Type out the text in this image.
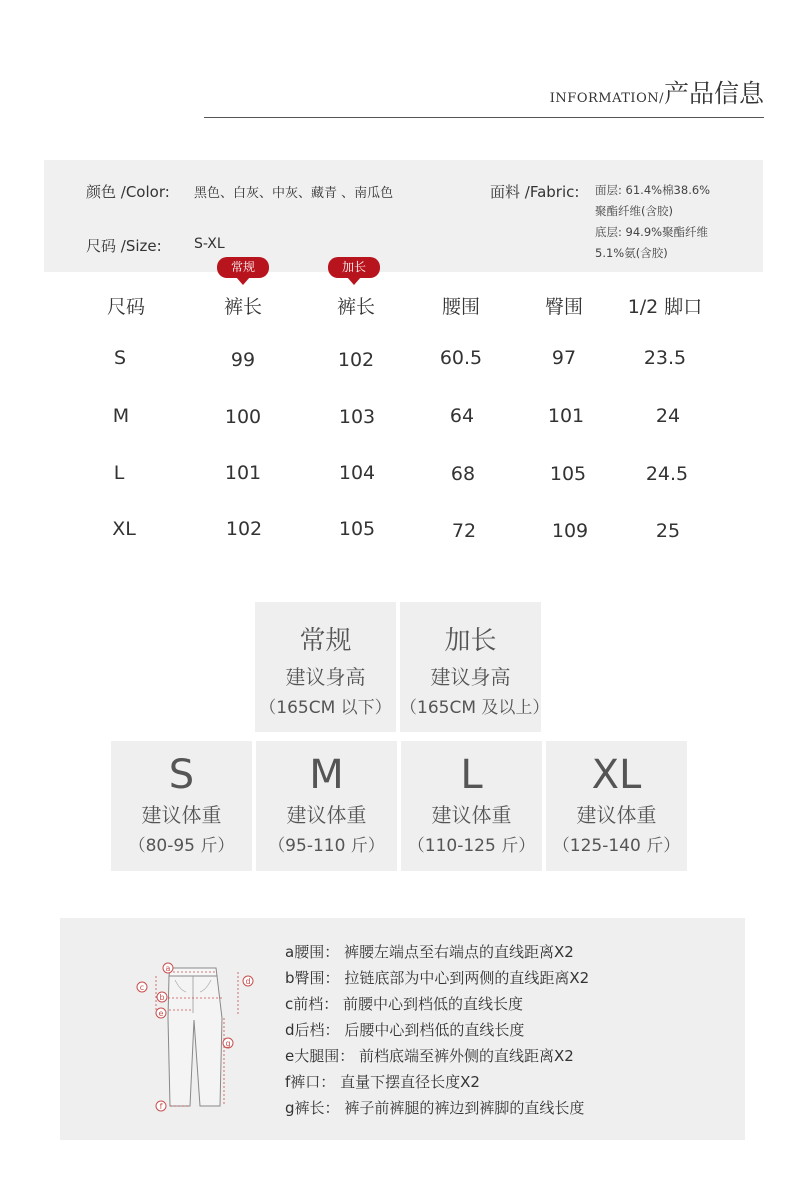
INFORMATION/产品信息
颜色 /Color: 黑色、白灰、中灰、藏青 、南瓜色
尺码 /Size: S-XL
面料 /Fabric: 面层: 61.4%棉38.6%
聚酯纤维(含胶)
底层: 94.9%聚酯纤维
5.1%氨(含胶)
常规	加长
尺码	裤长	裤长	腰围	臀围	1/2 脚口
S	99	102	60.5	97	23.5
M	100	103	64	101	24
L	101	104	68	105	24.5
XL	102	105	72	109	25
常规
建议身高
（165CM 以下）
加长
建议身高
（165CM 及以上）
S
建议体重
（80-95 斤）
M
建议体重
（95-110 斤）
L
建议体重
（110-125 斤）
XL
建议体重
（125-140 斤）
a
b
c
d
e
f
g
a腰围： 裤腰左端点至右端点的直线距离X2
b臀围： 拉链底部为中心到两侧的直线距离X2
c前档： 前腰中心到档低的直线长度
d后档： 后腰中心到档低的直线长度
e大腿围： 前档底端至裤外侧的直线距离X2
f裤口： 直量下摆直径长度X2
g裤长： 裤子前裤腿的裤边到裤脚的直线长度
